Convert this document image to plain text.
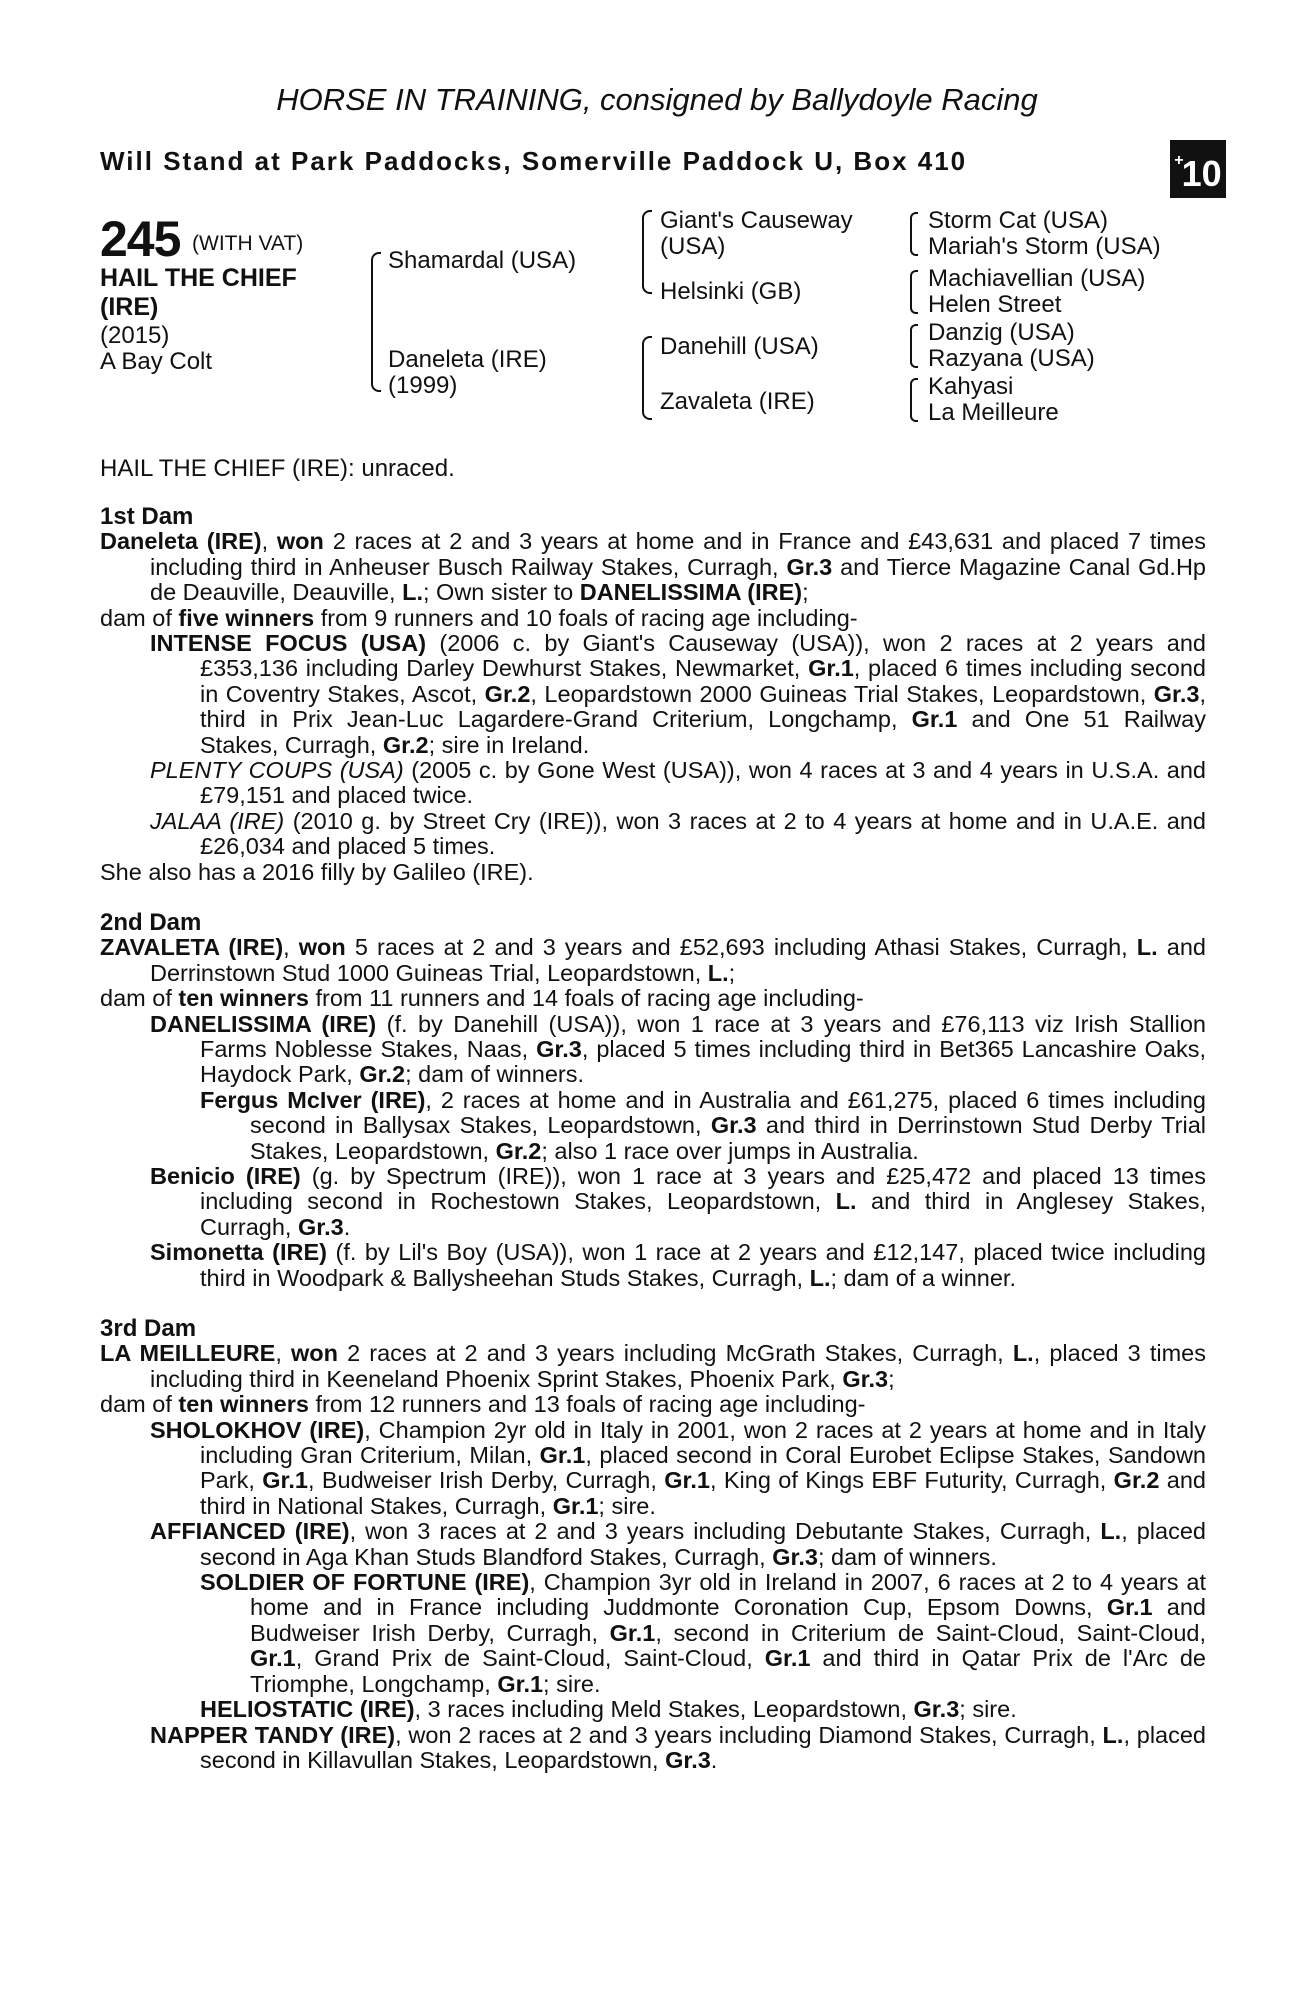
HORSE IN TRAINING, consigned by Ballydoyle Racing
Will Stand at Park Paddocks, Somerville Paddock U, Box 410	+10
245 (WITH VAT)
HAIL THE CHIEF (IRE)
(2015)
A Bay Colt
Shamardal (USA)
Daneleta (IRE)
(1999)
Giant's Causeway (USA)
Helsinki (GB)
Danehill (USA)
Zavaleta (IRE)
Storm Cat (USA)
Mariah's Storm (USA)
Machiavellian (USA)
Helen Street
Danzig (USA)
Razyana (USA)
Kahyasi
La Meilleure
HAIL THE CHIEF (IRE): unraced.
1st Dam

Daneleta (IRE), won 2 races at 2 and 3 years at home and in France and £43,631 and placed 7 times including third in Anheuser Busch Railway Stakes, Curragh, Gr.3 and Tierce Magazine Canal Gd.Hp de Deauville, Deauville, L.; Own sister to DANELISSIMA (IRE);

dam of five winners from 9 runners and 10 foals of racing age including-

INTENSE FOCUS (USA) (2006 c. by Giant's Causeway (USA)), won 2 races at 2 years and £353,136 including Darley Dewhurst Stakes, Newmarket, Gr.1, placed 6 times including second in Coventry Stakes, Ascot, Gr.2, Leopardstown 2000 Guineas Trial Stakes, Leopardstown, Gr.3, third in Prix Jean-Luc Lagardere-Grand Criterium, Longchamp, Gr.1 and One 51 Railway Stakes, Curragh, Gr.2; sire in Ireland.

PLENTY COUPS (USA) (2005 c. by Gone West (USA)), won 4 races at 3 and 4 years in U.S.A. and £79,151 and placed twice.

JALAA (IRE) (2010 g. by Street Cry (IRE)), won 3 races at 2 to 4 years at home and in U.A.E. and £26,034 and placed 5 times.

She also has a 2016 filly by Galileo (IRE).

2nd Dam

ZAVALETA (IRE), won 5 races at 2 and 3 years and £52,693 including Athasi Stakes, Curragh, L. and Derrinstown Stud 1000 Guineas Trial, Leopardstown, L.;

dam of ten winners from 11 runners and 14 foals of racing age including-

DANELISSIMA (IRE) (f. by Danehill (USA)), won 1 race at 3 years and £76,113 viz Irish Stallion Farms Noblesse Stakes, Naas, Gr.3, placed 5 times including third in Bet365 Lancashire Oaks, Haydock Park, Gr.2; dam of winners.

Fergus McIver (IRE), 2 races at home and in Australia and £61,275, placed 6 times including second in Ballysax Stakes, Leopardstown, Gr.3 and third in Derrinstown Stud Derby Trial Stakes, Leopardstown, Gr.2; also 1 race over jumps in Australia.

Benicio (IRE) (g. by Spectrum (IRE)), won 1 race at 3 years and £25,472 and placed 13 times including second in Rochestown Stakes, Leopardstown, L. and third in Anglesey Stakes, Curragh, Gr.3.

Simonetta (IRE) (f. by Lil's Boy (USA)), won 1 race at 2 years and £12,147, placed twice including third in Woodpark & Ballysheehan Studs Stakes, Curragh, L.; dam of a winner.

3rd Dam

LA MEILLEURE, won 2 races at 2 and 3 years including McGrath Stakes, Curragh, L., placed 3 times including third in Keeneland Phoenix Sprint Stakes, Phoenix Park, Gr.3;

dam of ten winners from 12 runners and 13 foals of racing age including-

SHOLOKHOV (IRE), Champion 2yr old in Italy in 2001, won 2 races at 2 years at home and in Italy including Gran Criterium, Milan, Gr.1, placed second in Coral Eurobet Eclipse Stakes, Sandown Park, Gr.1, Budweiser Irish Derby, Curragh, Gr.1, King of Kings EBF Futurity, Curragh, Gr.2 and third in National Stakes, Curragh, Gr.1; sire.

AFFIANCED (IRE), won 3 races at 2 and 3 years including Debutante Stakes, Curragh, L., placed second in Aga Khan Studs Blandford Stakes, Curragh, Gr.3; dam of winners.

SOLDIER OF FORTUNE (IRE), Champion 3yr old in Ireland in 2007, 6 races at 2 to 4 years at home and in France including Juddmonte Coronation Cup, Epsom Downs, Gr.1 and Budweiser Irish Derby, Curragh, Gr.1, second in Criterium de Saint-Cloud, Saint-Cloud, Gr.1, Grand Prix de Saint-Cloud, Saint-Cloud, Gr.1 and third in Qatar Prix de l'Arc de Triomphe, Longchamp, Gr.1; sire.

HELIOSTATIC (IRE), 3 races including Meld Stakes, Leopardstown, Gr.3; sire.

NAPPER TANDY (IRE), won 2 races at 2 and 3 years including Diamond Stakes, Curragh, L., placed second in Killavullan Stakes, Leopardstown, Gr.3.
